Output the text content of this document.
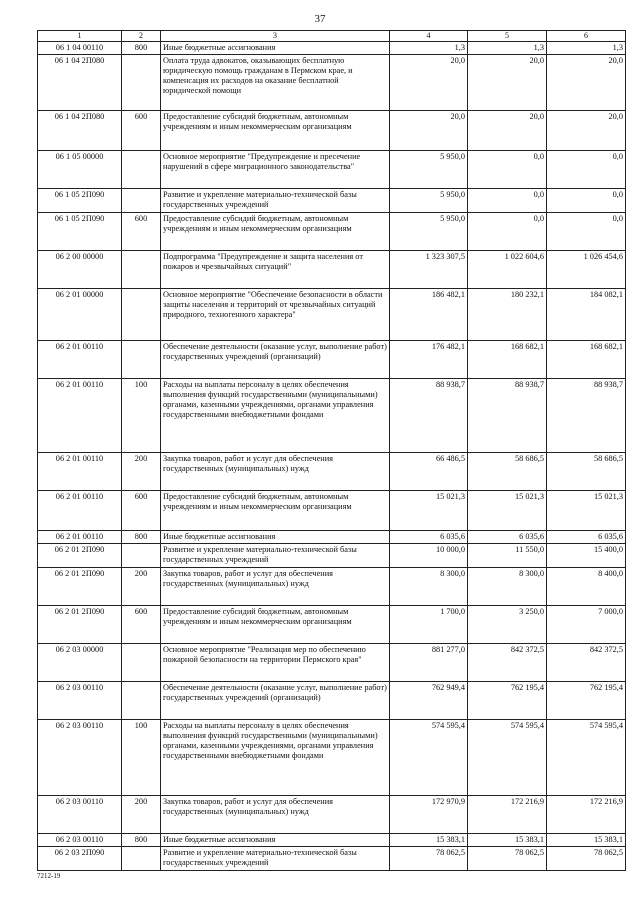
37
1	2	3	4	5	6
06 1 04 00110	800	Иные бюджетные ассигнования	1,3	1,3	1,3
06 1 04 2П080		Оплата труда адвокатов, оказывающих бесплатную юридическую помощь гражданам в Пермском крае, и компенсация их расходов на оказание бесплатной юридической помощи	20,0	20,0	20,0
06 1 04 2П080	600	Предоставление субсидий бюджетным, автономным учреждениям и иным некоммерческим организациям	20,0	20,0	20,0
06 1 05 00000		Основное мероприятие "Предупреждение и пресечение нарушений в сфере миграционного законодательства"	5 950,0	0,0	0,0
06 1 05 2П090		Развитие и укрепление материально-технической базы государственных учреждений	5 950,0	0,0	0,0
06 1 05 2П090	600	Предоставление субсидий бюджетным, автономным учреждениям и иным некоммерческим организациям	5 950,0	0,0	0,0
06 2 00 00000		Подпрограмма "Предупреждение и защита населения от пожаров и чрезвычайных ситуаций"	1 323 307,5	1 022 604,6	1 026 454,6
06 2 01 00000		Основное мероприятие "Обеспечение безопасности в области защиты населения и территорий от чрезвычайных ситуаций природного, техногенного характера"	186 482,1	180 232,1	184 082,1
06 2 01 00110		Обеспечение деятельности (оказание услуг, выполнение работ) государственных учреждений (организаций)	176 482,1	168 682,1	168 682,1
06 2 01 00110	100	Расходы на выплаты персоналу в целях обеспечения выполнения функций государственными (муниципальными) органами, казенными учреждениями, органами управления государственными внебюджетными фондами	88 938,7	88 938,7	88 938,7
06 2 01 00110	200	Закупка товаров, работ и услуг для обеспечения государственных (муниципальных) нужд	66 486,5	58 686,5	58 686,5
06 2 01 00110	600	Предоставление субсидий бюджетным, автономным учреждениям и иным некоммерческим организациям	15 021,3	15 021,3	15 021,3
06 2 01 00110	800	Иные бюджетные ассигнования	6 035,6	6 035,6	6 035,6
06 2 01 2П090		Развитие и укрепление материально-технической базы государственных учреждений	10 000,0	11 550,0	15 400,0
06 2 01 2П090	200	Закупка товаров, работ и услуг для обеспечения государственных (муниципальных) нужд	8 300,0	8 300,0	8 400,0
06 2 01 2П090	600	Предоставление субсидий бюджетным, автономным учреждениям и иным некоммерческим организациям	1 700,0	3 250,0	7 000,0
06 2 03 00000		Основное мероприятие "Реализация мер по обеспечению пожарной безопасности на территории Пермского края"	881 277,0	842 372,5	842 372,5
06 2 03 00110		Обеспечение деятельности (оказание услуг, выполнение работ) государственных учреждений (организаций)	762 949,4	762 195,4	762 195,4
06 2 03 00110	100	Расходы на выплаты персоналу в целях обеспечения выполнения функций государственными (муниципальными) органами, казенными учреждениями, органами управления государственными внебюджетными фондами	574 595,4	574 595,4	574 595,4
06 2 03 00110	200	Закупка товаров, работ и услуг для обеспечения государственных (муниципальных) нужд	172 970,9	172 216,9	172 216,9
06 2 03 00110	800	Иные бюджетные ассигнования	15 383,1	15 383,1	15 383,1
06 2 03 2П090		Развитие и укрепление материально-технической базы государственных учреждений	78 062,5	78 062,5	78 062,5
7212-19
